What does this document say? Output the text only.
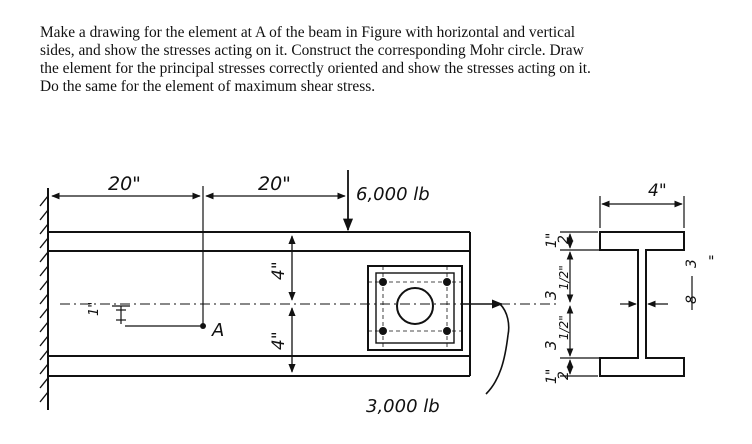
Make a drawing for the element at A of the beam in Figure with horizontal and vertical

sides, and show the stresses acting on it. Construct the corresponding Mohr circle. Draw

the element for the principal stresses correctly oriented and show the stresses acting on it.

Do the same for the element of maximum shear stress.

20"	20"	6,000 lb
A
1"
4"
4"
3,000 lb
4"
3
8
"
1"
2
3
1/2"
3
1/2"
1"
2
